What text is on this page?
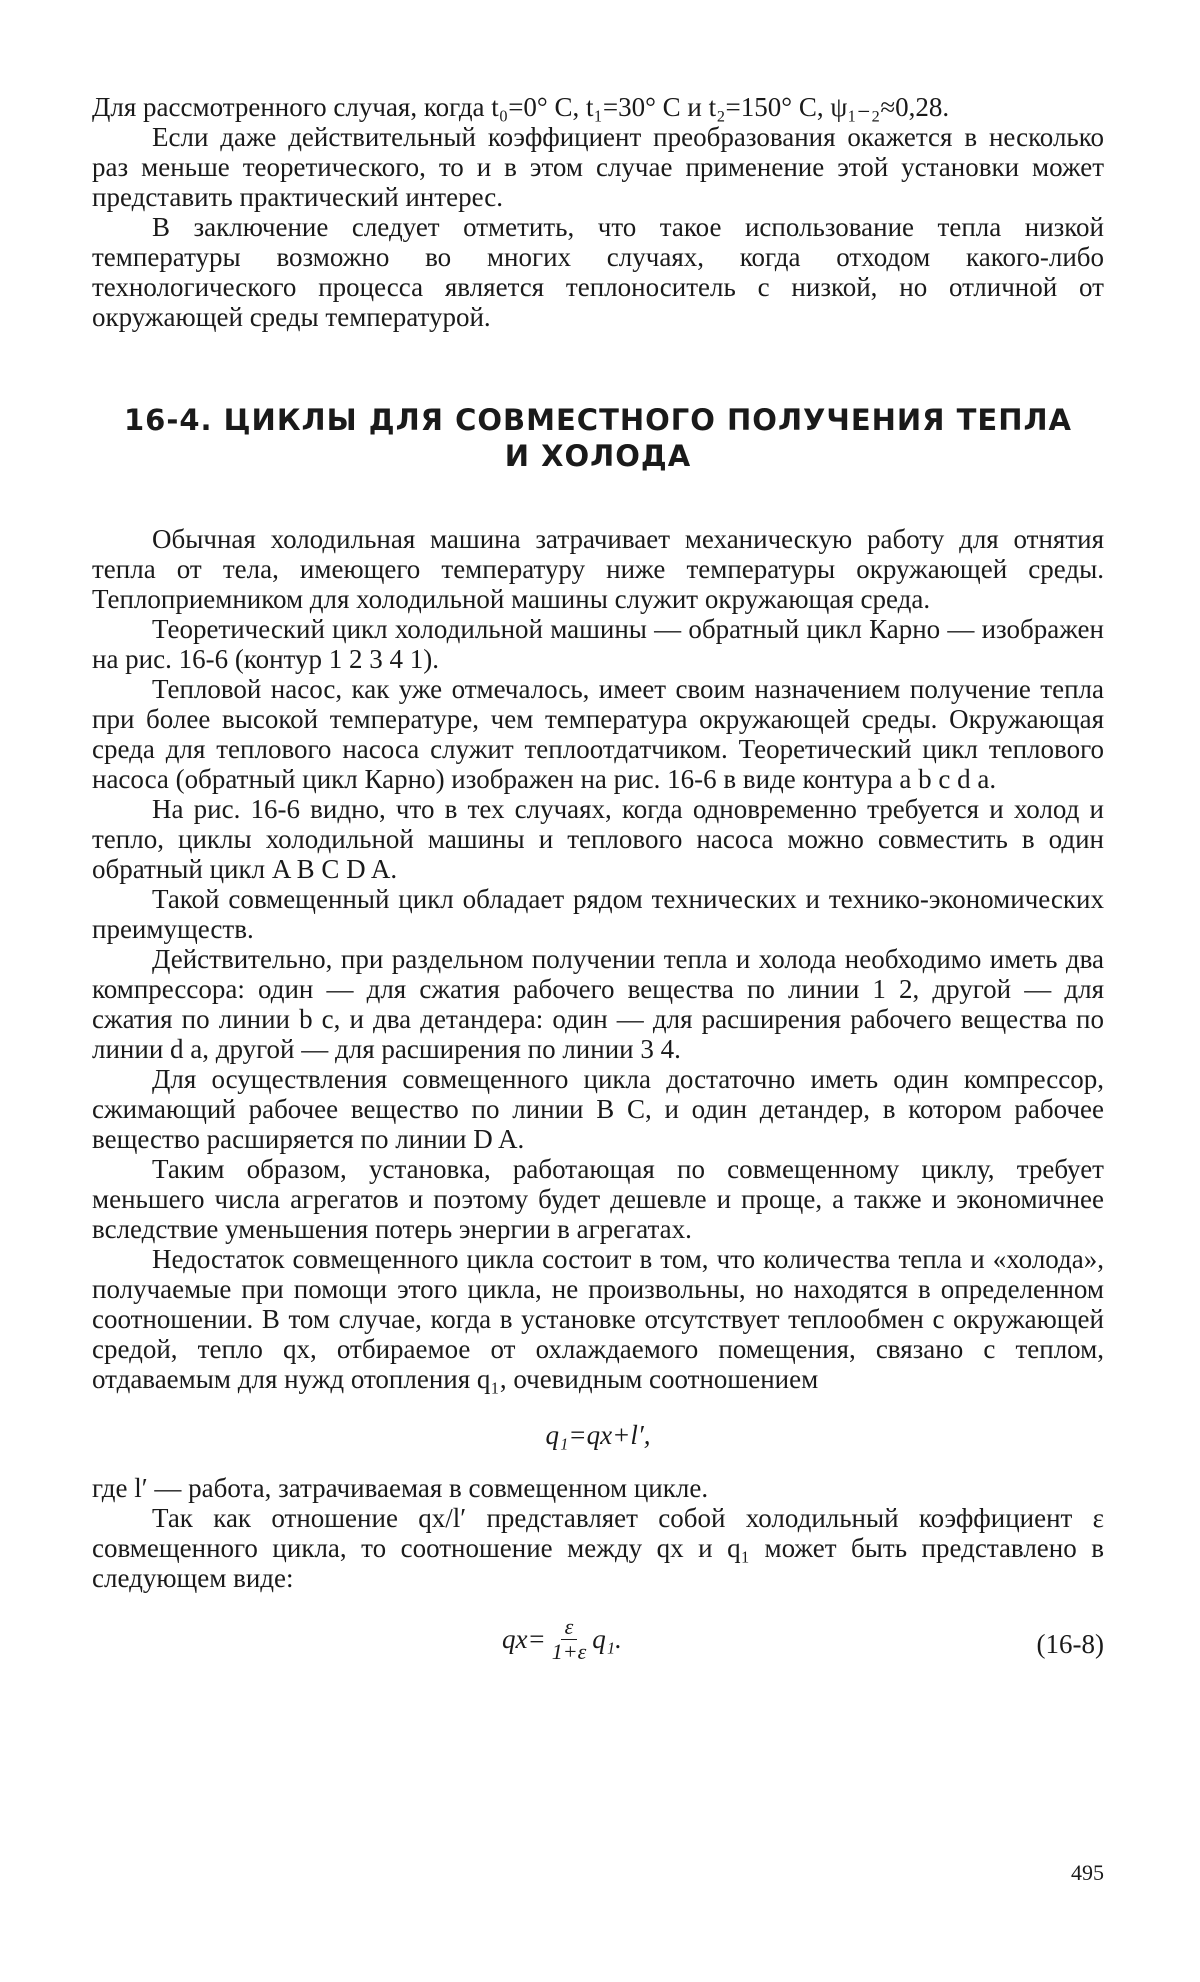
Для рассмотренного случая, когда t₀=0° C, t₁=30° C и t₂=150° C, ψ₁₋₂≈0,28.

Если даже действительный коэффициент преобразования окажется в несколько раз меньше теоретического, то и в этом случае применение этой установки может представить практический интерес.

В заключение следует отметить, что такое использование тепла низкой температуры возможно во многих случаях, когда отходом какого-либо технологического процесса является теплоноситель с низкой, но отличной от окружающей среды температурой.

16-4. ЦИКЛЫ ДЛЯ СОВМЕСТНОГО ПОЛУЧЕНИЯ ТЕПЛА
И ХОЛОДА

Обычная холодильная машина затрачивает механическую работу для отнятия тепла от тела, имеющего температуру ниже температуры окружающей среды. Теплоприемником для холодильной машины служит окружающая среда.

Теоретический цикл холодильной машины — обратный цикл Карно — изображен на рис. 16-6 (контур 1 2 3 4 1).

Тепловой насос, как уже отмечалось, имеет своим назначением получение тепла при более высокой температуре, чем температура окружающей среды. Окружающая среда для теплового насоса служит теплоотдатчиком. Теоретический цикл теплового насоса (обратный цикл Карно) изображен на рис. 16-6 в виде контура a b c d a.

На рис. 16-6 видно, что в тех случаях, когда одновременно требуется и холод и тепло, циклы холодильной машины и теплового насоса можно совместить в один обратный цикл A B C D A.

Такой совмещенный цикл обладает рядом технических и технико-экономических преимуществ.

Действительно, при раздельном получении тепла и холода необходимо иметь два компрессора: один — для сжатия рабочего вещества по линии 1 2, другой — для сжатия по линии b c, и два детандера: один — для расширения рабочего вещества по линии d a, другой — для расширения по линии 3 4.

Для осуществления совмещенного цикла достаточно иметь один компрессор, сжимающий рабочее вещество по линии B C, и один детандер, в котором рабочее вещество расширяется по линии D A.

Таким образом, установка, работающая по совмещенному циклу, требует меньшего числа агрегатов и поэтому будет дешевле и проще, а также и экономичнее вследствие уменьшения потерь энергии в агрегатах.

Недостаток совмещенного цикла состоит в том, что количества тепла и «холода», получаемые при помощи этого цикла, не произвольны, но находятся в определенном соотношении. В том случае, когда в установке отсутствует теплообмен с окружающей средой, тепло qх, отбираемое от охлаждаемого помещения, связано с теплом, отдаваемым для нужд отопления q₁, очевидным соотношением

q₁=qх+l′,

где l′ — работа, затрачиваемая в совмещенном цикле.

Так как отношение qх/l′ представляет собой холодильный коэффициент ε совмещенного цикла, то соотношение между qх и q₁ может быть представлено в следующем виде:

$qх= \frac{\varepsilon}{1+\varepsilon} q_1$.	(16-8)
495
